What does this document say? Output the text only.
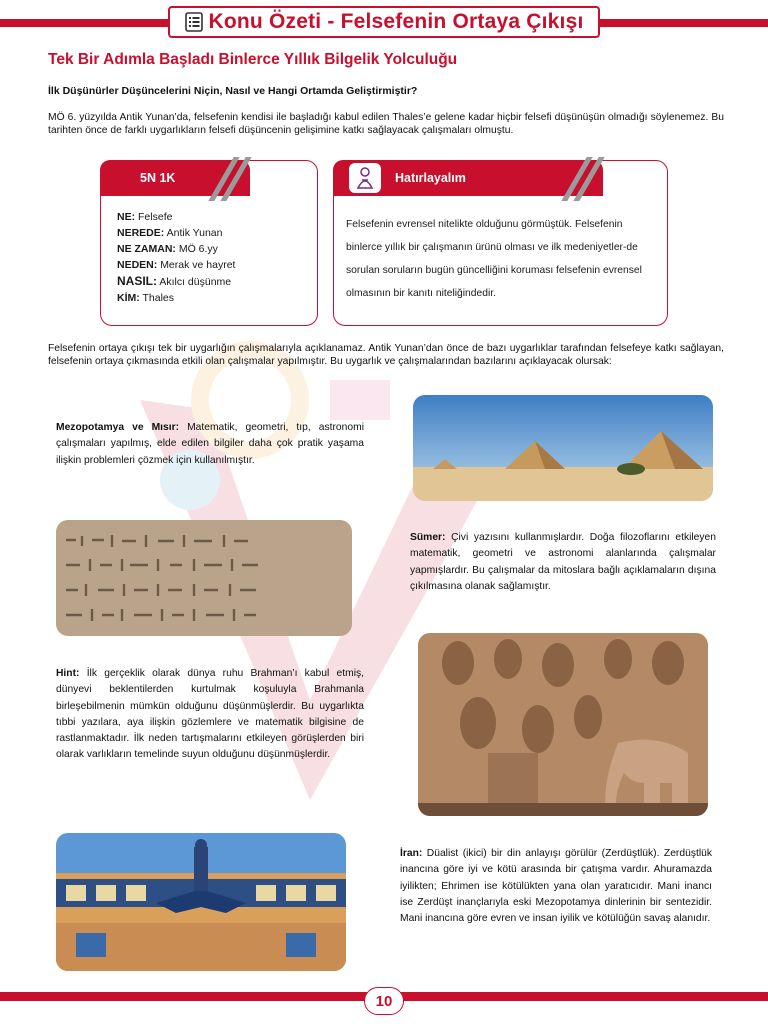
Konu Özeti - Felsefenin Ortaya Çıkışı
Tek Bir Adımla Başladı Binlerce Yıllık Bilgelik Yolculuğu
İlk Düşünürler Düşüncelerini Niçin, Nasıl ve Hangi Ortamda Geliştirmiştir?
MÖ 6. yüzyılda Antik Yunan’da, felsefenin kendisi ile başladığı kabul edilen Thales’e gelene kadar hiçbir felsefi düşünüşün olmadığı söylenemez. Bu tarihten önce de farklı uygarlıkların felsefi düşüncenin gelişimine katkı sağlayacak çalışmaları olmuştu.
5N 1K
NE: Felsefe
NEREDE: Antik Yunan
NE ZAMAN: MÖ 6.yy
NEDEN: Merak ve hayret
NASIL: Akılcı düşünme
KİM: Thales
Hatırlayalım
Felsefenin evrensel nitelikte olduğunu görmüştük. Felsefenin binlerce yıllık bir çalışmanın ürünü olması ve ilk medeniyetler-de sorulan soruların bugün güncelliğini koruması felsefenin evrensel olmasının bir kanıtı niteliğindedir.
Felsefenin ortaya çıkışı tek bir uygarlığın çalışmalarıyla açıklanamaz. Antik Yunan’dan önce de bazı uygarlıklar tarafından felsefeye katkı sağlayan, felsefenin ortaya çıkmasında etkili olan çalışmalar yapılmıştır. Bu uygarlık ve çalışmalarından bazılarını açıklayacak olursak:
Mezopotamya ve Mısır: Matematik, geometri, tıp, astronomi çalışmaları yapılmış, elde edilen bilgiler daha çok pratik yaşama ilişkin problemleri çözmek için kullanılmıştır.
Sümer: Çivi yazısını kullanmışlardır. Doğa filozoflarını etkileyen matematik, geometri ve astronomi alanlarında çalışmalar yapmışlardır. Bu çalışmalar da mitoslara bağlı açıklamaların dışına çıkılmasına olanak sağlamıştır.
Hint: İlk gerçeklik olarak dünya ruhu Brahman’ı kabul etmiş, dünyevi beklentilerden kurtulmak koşuluyla Brahmanla birleşebilmenin mümkün olduğunu düşünmüşlerdir. Bu uygarlıkta tıbbi yazılara, aya ilişkin gözlemlere ve matematik bilgisine de rastlanmaktadır. İlk neden tartışmalarını etkileyen görüşlerden biri olarak varlıkların temelinde suyun olduğunu düşünmüşlerdir.
İran: Düalist (ikici) bir din anlayışı görülür (Zerdüştlük). Zerdüştlük inancına göre iyi ve kötü arasında bir çatışma vardır. Ahuramazda iyilikten; Ehrimen ise kötülükten yana olan yaratıcıdır. Mani inancı ise Zerdüşt inançlarıyla eski Mezopotamya dinlerinin bir sentezidir. Mani inancına göre evren ve insan iyilik ve kötülüğün savaş alanıdır.
10
